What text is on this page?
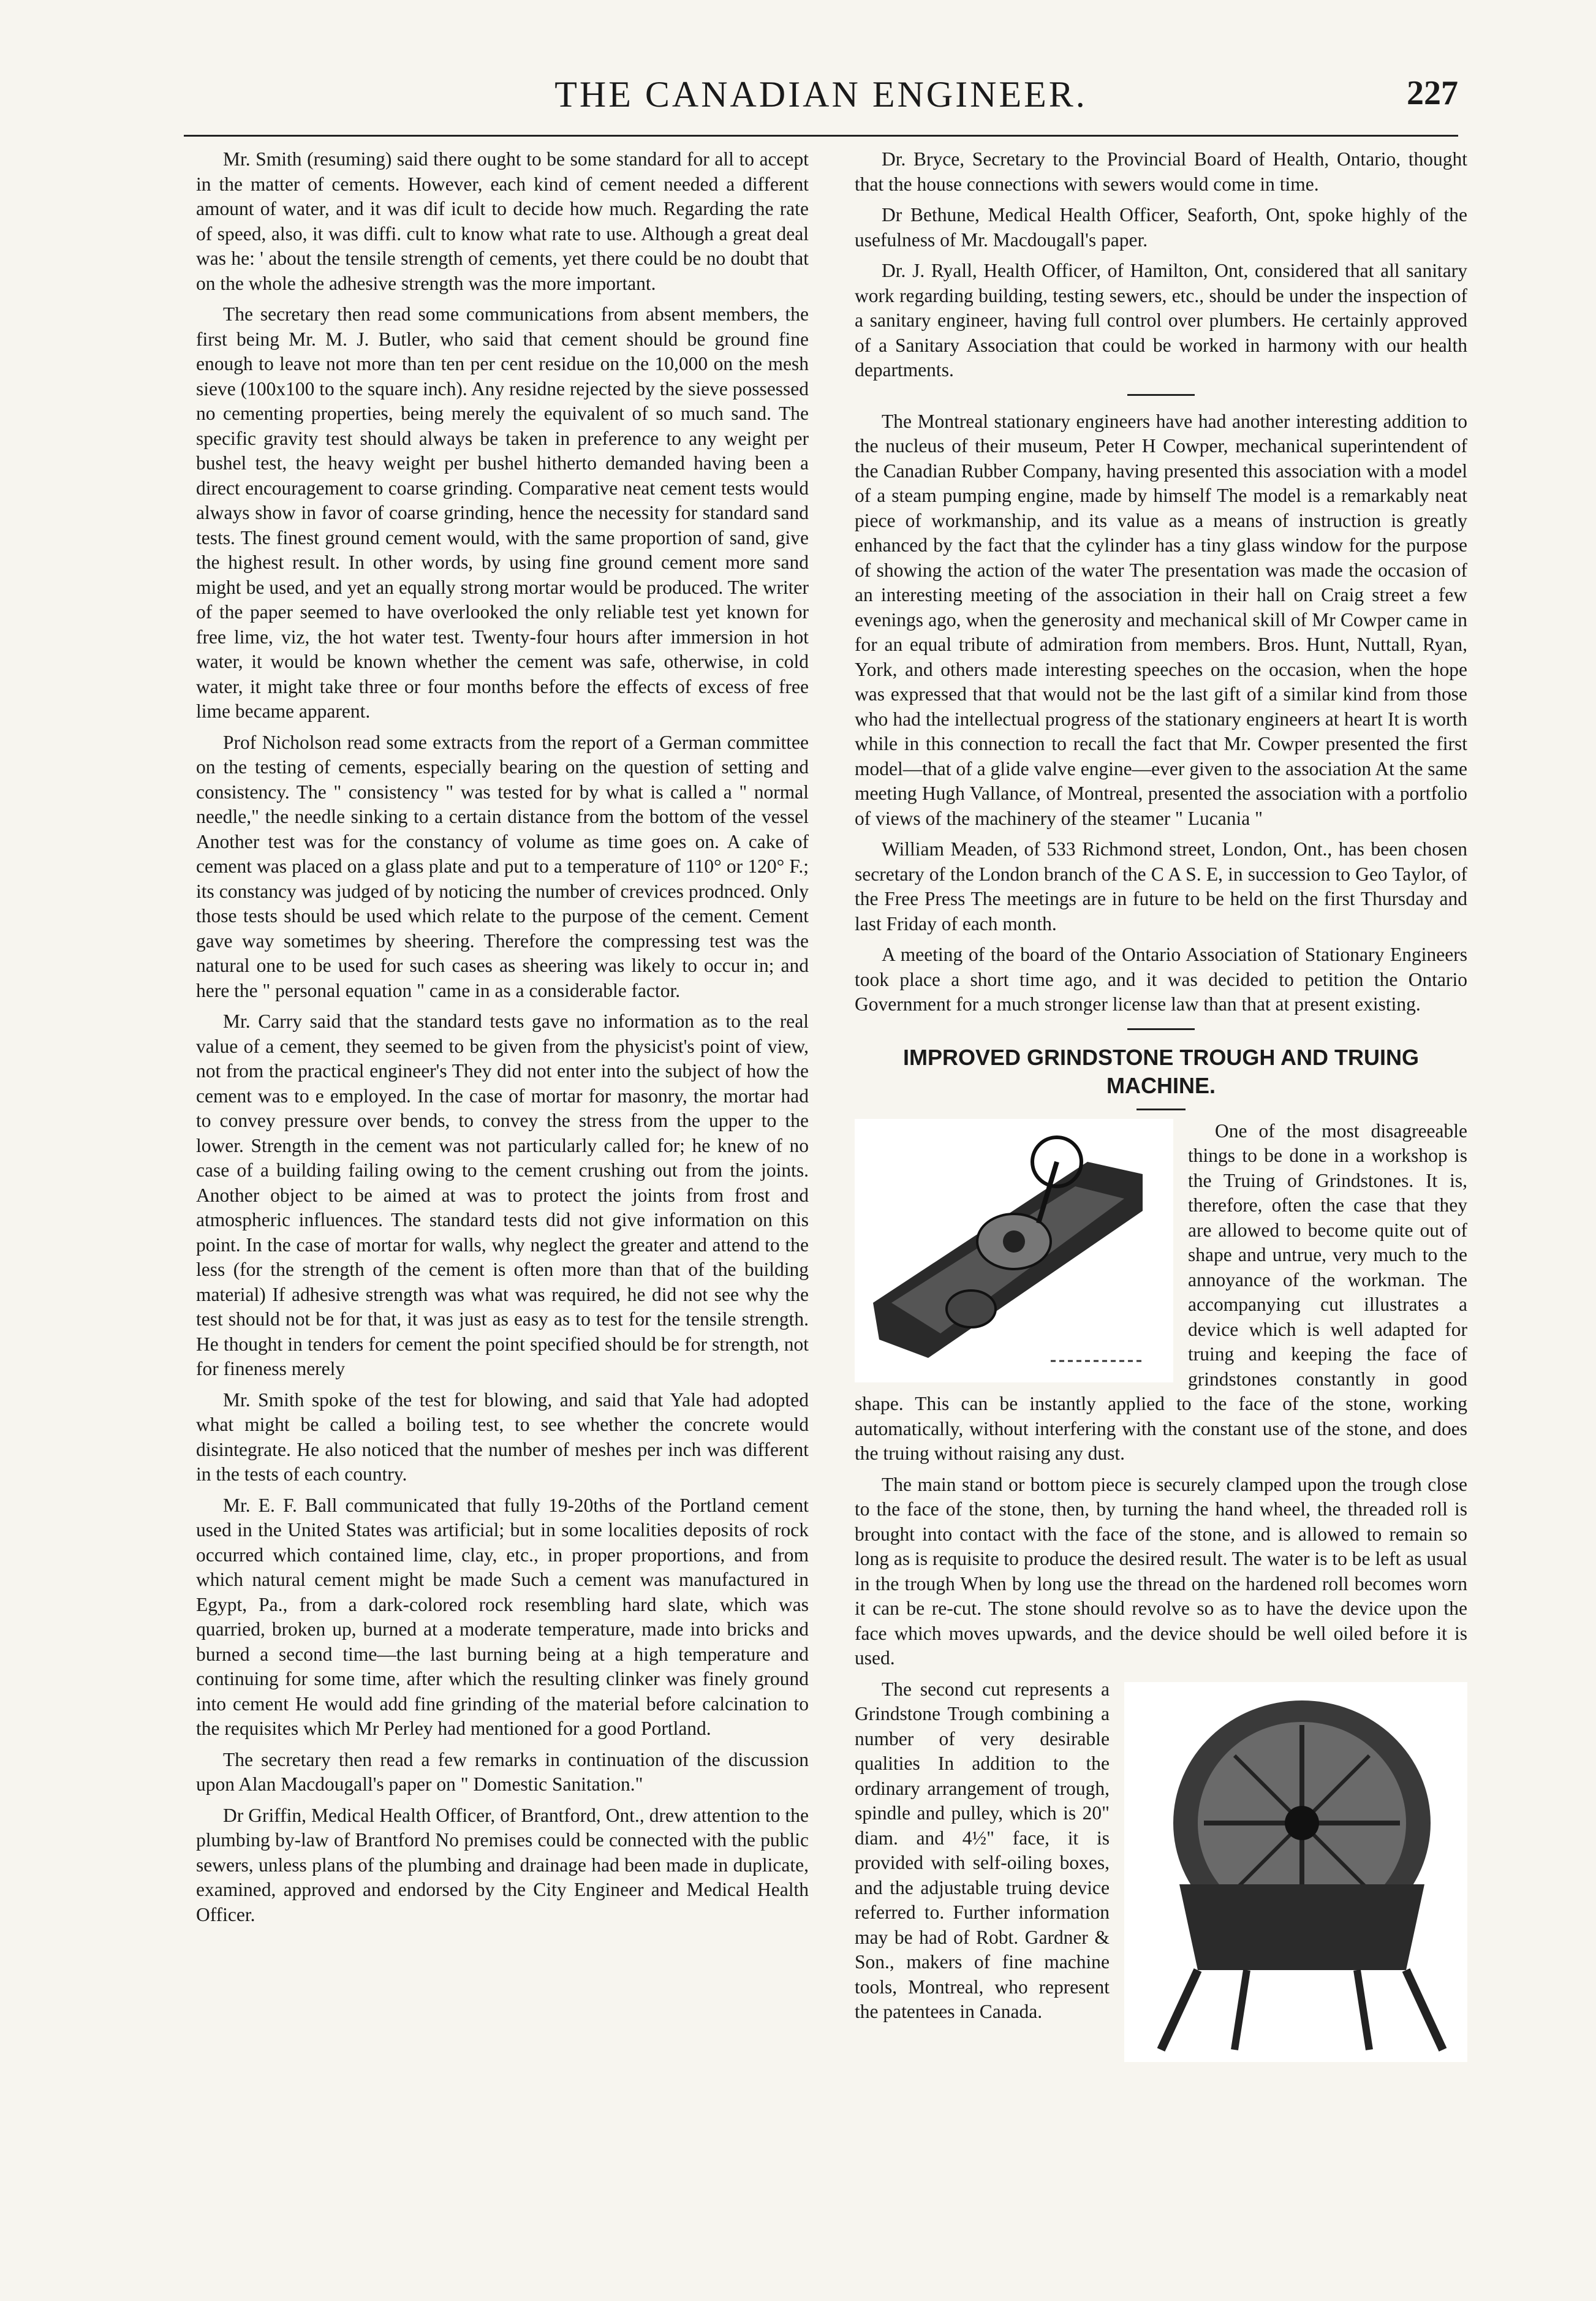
THE CANADIAN ENGINEER.	227

Mr. Smith (resuming) said there ought to be some standard for all to accept in the matter of cements. However, each kind of cement needed a different amount of water, and it was dif icult to decide how much. Regarding the rate of speed, also, it was diffi. cult to know what rate to use. Although a great deal was he: ' about the tensile strength of cements, yet there could be no doubt that on the whole the adhesive strength was the more important.

The secretary then read some communications from absent members, the first being Mr. M. J. Butler, who said that cement should be ground fine enough to leave not more than ten per cent residue on the 10,000 on the mesh sieve (100x100 to the square inch). Any residne rejected by the sieve possessed no cementing properties, being merely the equivalent of so much sand. The specific gravity test should always be taken in preference to any weight per bushel test, the heavy weight per bushel hitherto demanded having been a direct encouragement to coarse grinding. Comparative neat cement tests would always show in favor of coarse grinding, hence the necessity for standard sand tests. The finest ground cement would, with the same proportion of sand, give the highest result. In other words, by using fine ground cement more sand might be used, and yet an equally strong mortar would be produced. The writer of the paper seemed to have overlooked the only reliable test yet known for free lime, viz, the hot water test. Twenty-four hours after immersion in hot water, it would be known whether the cement was safe, otherwise, in cold water, it might take three or four months before the effects of excess of free lime became apparent.

Prof Nicholson read some extracts from the report of a German committee on the testing of cements, especially bearing on the question of setting and consistency. The " consistency " was tested for by what is called a " normal needle," the needle sinking to a certain distance from the bottom of the vessel Another test was for the constancy of volume as time goes on. A cake of cement was placed on a glass plate and put to a temperature of 110° or 120° F.; its constancy was judged of by noticing the number of crevices prodnced. Only those tests should be used which relate to the purpose of the cement. Cement gave way sometimes by sheering. Therefore the compressing test was the natural one to be used for such cases as sheering was likely to occur in; and here the " personal equation " came in as a considerable factor.

Mr. Carry said that the standard tests gave no information as to the real value of a cement, they seemed to be given from the physicist's point of view, not from the practical engineer's They did not enter into the subject of how the cement was to e employed. In the case of mortar for masonry, the mortar had to convey pressure over bends, to convey the stress from the upper to the lower. Strength in the cement was not particularly called for; he knew of no case of a building failing owing to the cement crushing out from the joints. Another object to be aimed at was to protect the joints from frost and atmospheric influences. The standard tests did not give information on this point. In the case of mortar for walls, why neglect the greater and attend to the less (for the strength of the cement is often more than that of the building material) If adhesive strength was what was required, he did not see why the test should not be for that, it was just as easy as to test for the tensile strength. He thought in tenders for cement the point specified should be for strength, not for fineness merely

Mr. Smith spoke of the test for blowing, and said that Yale had adopted what might be called a boiling test, to see whether the concrete would disintegrate. He also noticed that the number of meshes per inch was different in the tests of each country.

Mr. E. F. Ball communicated that fully 19-20ths of the Portland cement used in the United States was artificial; but in some localities deposits of rock occurred which contained lime, clay, etc., in proper proportions, and from which natural cement might be made Such a cement was manufactured in Egypt, Pa., from a dark-colored rock resembling hard slate, which was quarried, broken up, burned at a moderate temperature, made into bricks and burned a second time—the last burning being at a high temperature and continuing for some time, after which the resulting clinker was finely ground into cement He would add fine grinding of the material before calcination to the requisites which Mr Perley had mentioned for a good Portland.

The secretary then read a few remarks in continuation of the discussion upon Alan Macdougall's paper on " Domestic Sanitation."

Dr Griffin, Medical Health Officer, of Brantford, Ont., drew attention to the plumbing by-law of Brantford No premises could be connected with the public sewers, unless plans of the plumbing and drainage had been made in duplicate, examined, approved and endorsed by the City Engineer and Medical Health Officer.

Dr. Bryce, Secretary to the Provincial Board of Health, Ontario, thought that the house connections with sewers would come in time.

Dr Bethune, Medical Health Officer, Seaforth, Ont, spoke highly of the usefulness of Mr. Macdougall's paper.

Dr. J. Ryall, Health Officer, of Hamilton, Ont, considered that all sanitary work regarding building, testing sewers, etc., should be under the inspection of a sanitary engineer, having full control over plumbers. He certainly approved of a Sanitary Association that could be worked in harmony with our health departments.

The Montreal stationary engineers have had another interesting addition to the nucleus of their museum, Peter H Cowper, mechanical superintendent of the Canadian Rubber Company, having presented this association with a model of a steam pumping engine, made by himself The model is a remarkably neat piece of workmanship, and its value as a means of instruction is greatly enhanced by the fact that the cylinder has a tiny glass window for the purpose of showing the action of the water The presentation was made the occasion of an interesting meeting of the association in their hall on Craig street a few evenings ago, when the generosity and mechanical skill of Mr Cowper came in for an equal tribute of admiration from members. Bros. Hunt, Nuttall, Ryan, York, and others made interesting speeches on the occasion, when the hope was expressed that that would not be the last gift of a similar kind from those who had the intellectual progress of the stationary engineers at heart It is worth while in this connection to recall the fact that Mr. Cowper presented the first model—that of a glide valve engine—ever given to the association At the same meeting Hugh Vallance, of Montreal, presented the association with a portfolio of views of the machinery of the steamer " Lucania "

William Meaden, of 533 Richmond street, London, Ont., has been chosen secretary of the London branch of the C A S. E, in succession to Geo Taylor, of the Free Press The meetings are in future to be held on the first Thursday and last Friday of each month.

A meeting of the board of the Ontario Association of Stationary Engineers took place a short time ago, and it was decided to petition the Ontario Government for a much stronger license law than that at present existing.

IMPROVED GRINDSTONE TROUGH AND TRUING MACHINE.

One of the most disagreeable things to be done in a workshop is the Truing of Grindstones. It is, therefore, often the case that they are allowed to become quite out of shape and untrue, very much to the annoyance of the workman. The accompanying cut illustrates a device which is well adapted for truing and keeping the face of grindstones constantly in good shape. This can be instantly applied to the face of the stone, working automatically, without interfering with the constant use of the stone, and does the truing without raising any dust.

The main stand or bottom piece is securely clamped upon the trough close to the face of the stone, then, by turning the hand wheel, the threaded roll is brought into contact with the face of the stone, and is allowed to remain so long as is requisite to produce the desired result. The water is to be left as usual in the trough When by long use the thread on the hardened roll becomes worn it can be re-cut. The stone should revolve so as to have the device upon the face which moves upwards, and the device should be well oiled before it is used.

The second cut represents a Grindstone Trough combining a number of very desirable qualities In addition to the ordinary arrangement of trough, spindle and pulley, which is 20" diam. and 4½" face, it is provided with self-oiling boxes, and the adjustable truing device referred to. Further information may be had of Robt. Gardner & Son., makers of fine machine tools, Montreal, who represent the patentees in Canada.
